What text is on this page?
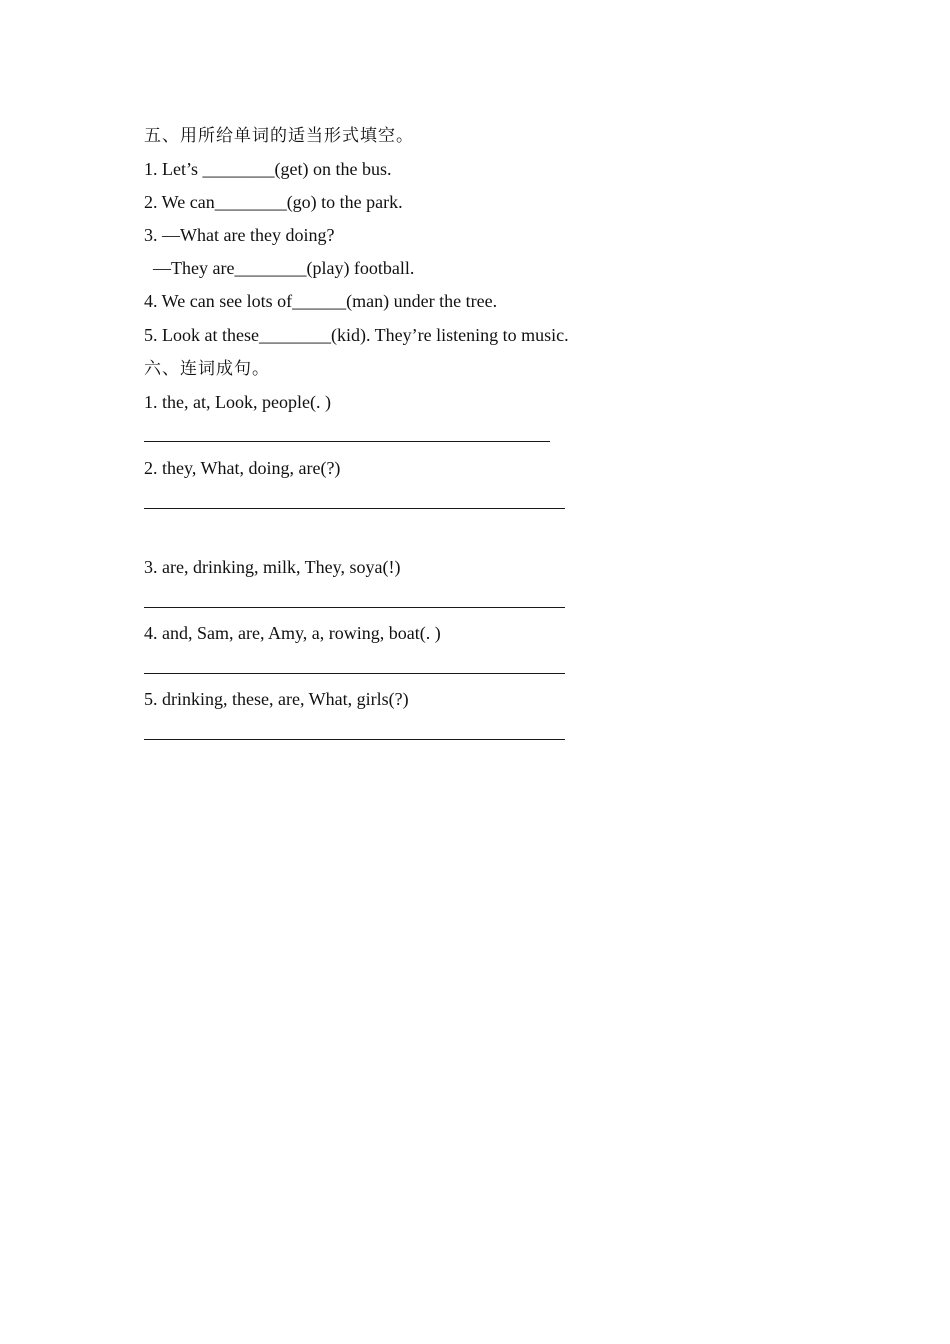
五、用所给单词的适当形式填空。
1. Let’s ________(get) on the bus.
2. We can________(go) to the park.
3. —What are they doing?
—They are________(play) football.
4. We can see lots of______(man) under the tree.
5. Look at these________(kid). They’re listening to music.
六、连词成句。
1. the, at, Look, people(. )
2. they, What, doing, are(?)
3. are, drinking, milk, They, soya(!)
4. and, Sam, are, Amy, a, rowing, boat(. )
5. drinking, these, are, What, girls(?)
